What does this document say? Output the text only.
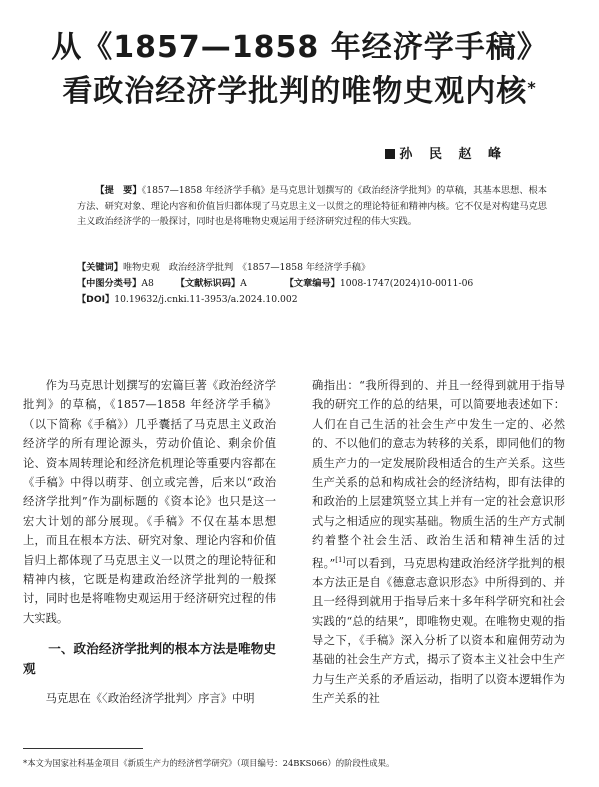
从《1857—1858 年经济学手稿》
看政治经济学批判的唯物史观内核*
孙 民 赵 峰
【提　要】《1857—1858 年经济学手稿》是马克思计划撰写的《政治经济学批判》的草稿，其基本思想、根本方法、研究对象、理论内容和价值旨归都体现了马克思主义一以贯之的理论特征和精神内核。它不仅是对构建马克思主义政治经济学的一般探讨，同时也是将唯物史观运用于经济研究过程的伟大实践。
【关键词】唯物史观　政治经济学批判　《1857—1858 年经济学手稿》
【中图分类号】A8 【文献标识码】A	【文章编号】1008-1747(2024)10-0011-06
【DOI】10.19632/j.cnki.11-3953/a.2024.10.002

作为马克思计划撰写的宏篇巨著《政治经济学批判》的草稿，《1857—1858 年经济学手稿》（以下简称《手稿》）几乎囊括了马克思主义政治经济学的所有理论源头，劳动价值论、剩余价值论、资本周转理论和经济危机理论等重要内容都在《手稿》中得以萌芽、创立或完善，后来以“政治经济学批判”作为副标题的《资本论》也只是这一宏大计划的部分展现。《手稿》不仅在基本思想上，而且在根本方法、研究对象、理论内容和价值旨归上都体现了马克思主义一以贯之的理论特征和精神内核，它既是构建政治经济学批判的一般探讨，同时也是将唯物史观运用于经济研究过程的伟大实践。

一、政治经济学批判的根本方法是唯物史观

马克思在《〈政治经济学批判〉序言》中明

确指出：“我所得到的、并且一经得到就用于指导我的研究工作的总的结果，可以简要地表述如下：人们在自己生活的社会生产中发生一定的、必然的、不以他们的意志为转移的关系，即同他们的物质生产力的一定发展阶段相适合的生产关系。这些生产关系的总和构成社会的经济结构，即有法律的和政治的上层建筑竖立其上并有一定的社会意识形式与之相适应的现实基础。物质生活的生产方式制约着整个社会生活、政治生活和精神生活的过程。”[1]可以看到，马克思构建政治经济学批判的根本方法正是自《德意志意识形态》中所得到的、并且一经得到就用于指导后来十多年科学研究和社会实践的“总的结果”，即唯物史观。在唯物史观的指导之下，《手稿》深入分析了以资本和雇佣劳动为基础的社会生产方式，揭示了资本主义社会中生产力与生产关系的矛盾运动，指明了以资本逻辑作为生产关系的社

*本文为国家社科基金项目《新质生产力的经济哲学研究》（项目编号：24BKS066）的阶段性成果。
